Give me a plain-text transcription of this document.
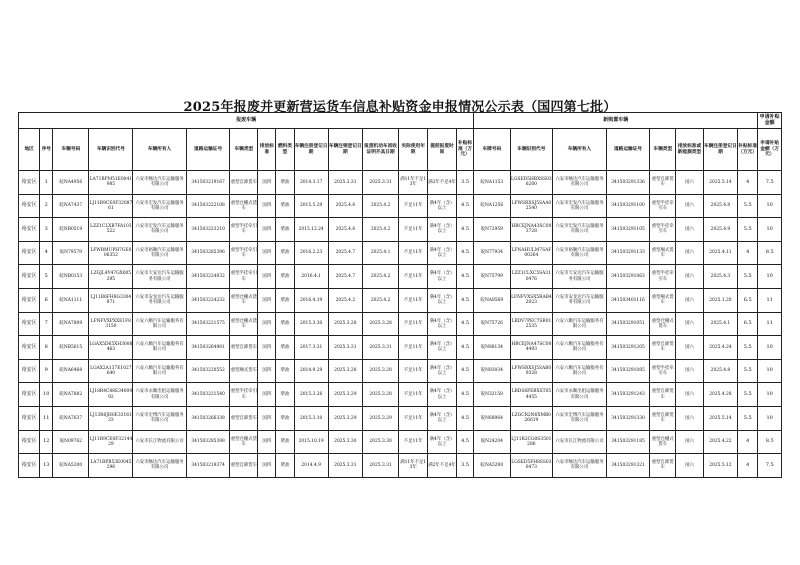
2025年报废并更新营运货车信息补贴资金申报情况公示表（国四第七批）
报废车辆															新购置车辆								申请补贴金额
地区	序号	车辆号码	车辆识别代号	车辆所有人	道路运输证号	车辆类型	排放标准	燃料类型	车辆注册登记日期	车辆注销登记日期	报废机动车回收证明开具日期	实际使用年限	提前报废时间	补贴标准（万元）	车牌号码	车辆识别代号	车辆所有人	道路运输证号	车辆类型	排放标准或新能源类型	车辆注册登记日期	补贴标准（万元）	申请补贴金额（万元）
裕安区	1	皖NA4956	LA71BPM51E0041985	六安市畅达汽车运输服务有限公司	341503219167	重型自卸货车	国四	柴油	2014.3.17	2025.3.31	2025.3.31	满11年不足13年	满2年不足4年	3.5	皖NA1153	LGSED5HBXSS036200	六安市畅达汽车运输服务有限公司	341503291336	重型自卸货车	国六	2025.5.14	4	7.5
裕安区	2	皖NA7437	LJ11R9CE0F3208761	六安市宏发汽车运输服务有限公司	341503222108	重型仓栅式货车	国四	柴油	2015.5.29	2025.4.6	2025.4.2	不足11年	满4年（含）以上	4.5	皖NA1256	LFWSRXSJ5SAA02540	六安市宏发汽车运输服务有限公司	341503291100	重型半挂牵引车	国六	2025.4.8	5.5	10
裕安区	3	皖NB0519	LZZ1CLXB7FA103522	六安市宏发汽车运输服务有限公司	341503223210	重型半挂牵引车	国四	柴油	2015.12.24	2025.4.6	2025.4.2	不足11年	满4年（含）以上	4.5	皖N72959	HBCEJNA43SC003728	六安市宏发汽车运输服务有限公司	341503291105	重型半挂牵引车	国六	2025.4.9	5.5	10
裕安区	4	皖N79579	LFWRMUPH7GE006352	六安市裕顺汽车运输服务有限公司	341503285396	重型半挂牵引车	国四	柴油	2016.2.23	2025.4.7	2025.4.1	不足11年	满4年（含）以上	4.5	皖N77934	LFNAHULM7SAF00264	六安市裕顺汽车运输服务有限公司	341503291133	重型厢式货车	国六	2025.4.11	4	8.5
裕安区	5	皖NB0153	LZGJL4Y47GX005295	六安市天安达汽车运输服务有限公司	341503224032	重型半挂牵引车	国四	柴油	2016.4.1	2025.4.7	2025.4.2	不足11年	满4年（含）以上	4.5	皖N75799	LZZ1CLXC5SA310476	六安市天安达汽车运输服务有限公司	341503291063	重型半挂牵引车	国六	2025.4.3	5.5	10
裕安区	6	皖NA1111	LJ11R6FH8G3304871	六安市安龙达汽车运输服务有限公司	341503224232	重型仓栅式货车	国四	柴油	2016.4.19	2025.4.2	2025.4.2	不足11年	满4年（含）以上	4.5	皖NA8569	LFNFVXSX5RAB42023	六安市安龙达汽车运输服务有限公司	341503401116	重型厢式货车	国六	2025.1.20	6.5	11
裕安区	7	皖NA7809	LFNFVXPXXE1F83150	六安六顺汽车运输服务有限公司	341503221575	重型仓栅式货车	国四	柴油	2015.3.30	2025.3.28	2025.3.28	不足11年	满4年（含）以上	4.5	皖N75726	LRDV7PEC7SR012535	六安六顺汽车运输服务有限公司	341503291051	重型仓栅式货车	国六	2025.4.1	6.5	11
裕安区	8	皖NB5615	LGAX5D65XH3008463	六安六顺汽车运输服务有限公司	341503264981	重型自卸货车	国四	柴油	2017.3.31	2025.3.31	2025.3.31	不足11年	满4年（含）以上	4.5	皖N88134	HBCEJNA47SC004493	六安六顺汽车运输服务有限公司	341503291205	重型自卸货车	国六	2025.4.24	5.5	10
裕安区	9	皖NA6468	LGAX2A137E1027640	六安六顺汽车运输服务有限公司	341503220552	重型厢式货车	国四	柴油	2014.9.29	2025.3.28	2025.3.28	不足11年	满4年（含）以上	4.5	皖N83034	LFWSRXSJ5SAB09328	六安六顺汽车运输服务有限公司	341503291085	重型半挂牵引车	国六	2025.4.8	5.5	10
裕安区	10	皖NA7882	LJ18R4C88E3400992	六安市永顺出租运输服务有限公司	341503221540	重型半挂牵引车	国四	柴油	2015.3.26	2025.3.29	2025.3.28	不足11年	满4年（含）以上	4.5	皖N32158	LRDS6PEBXST054455	六安市永顺出租运输服务有限公司	341503291243	重型自卸货车	国六	2025.4.28	5.5	10
裕安区	11	皖NA7637	LJ13R6JH0E3316133	六安市宏博汽车运输服务有限公司	341503266338	重型自卸货车	国四	柴油	2015.3.10	2025.3.29	2025.3.29	不足11年	满4年（含）以上	4.5	皖N68964	LZGCR2N6XMB026619	六安市宏博汽车运输服务有限公司	341503291330	重型自卸货车	国六	2025.5.14	5.5	10
裕安区	12	皖N09762	LJ11R9CE0F3214429	六安市长江物流有限公司	341503285398	重型仓栅式货车	国四	柴油	2015.10.19	2025.3.30	2025.3.30	不足11年	满4年（含）以上	4.5	皖N24204	LJ11R2CG0S3501286	六安市长江物流有限公司	341503291185	重型仓栅式货车	国六	2025.4.22	4	8.5
裕安区	13	皖NA5200	LA71BPB53E0045296	六安市畅达汽车运输服务有限公司	341503219374	重型自卸货车	国四	柴油	2014.4.9	2025.3.31	2025.3.31	满11年不足13年	满2年不足4年	3.5	皖NA5200	LGSED5FH8SS036473	六安市畅达汽车运输服务有限公司	341503291321	重型自卸货车	国六	2025.5.12	4	7.5
